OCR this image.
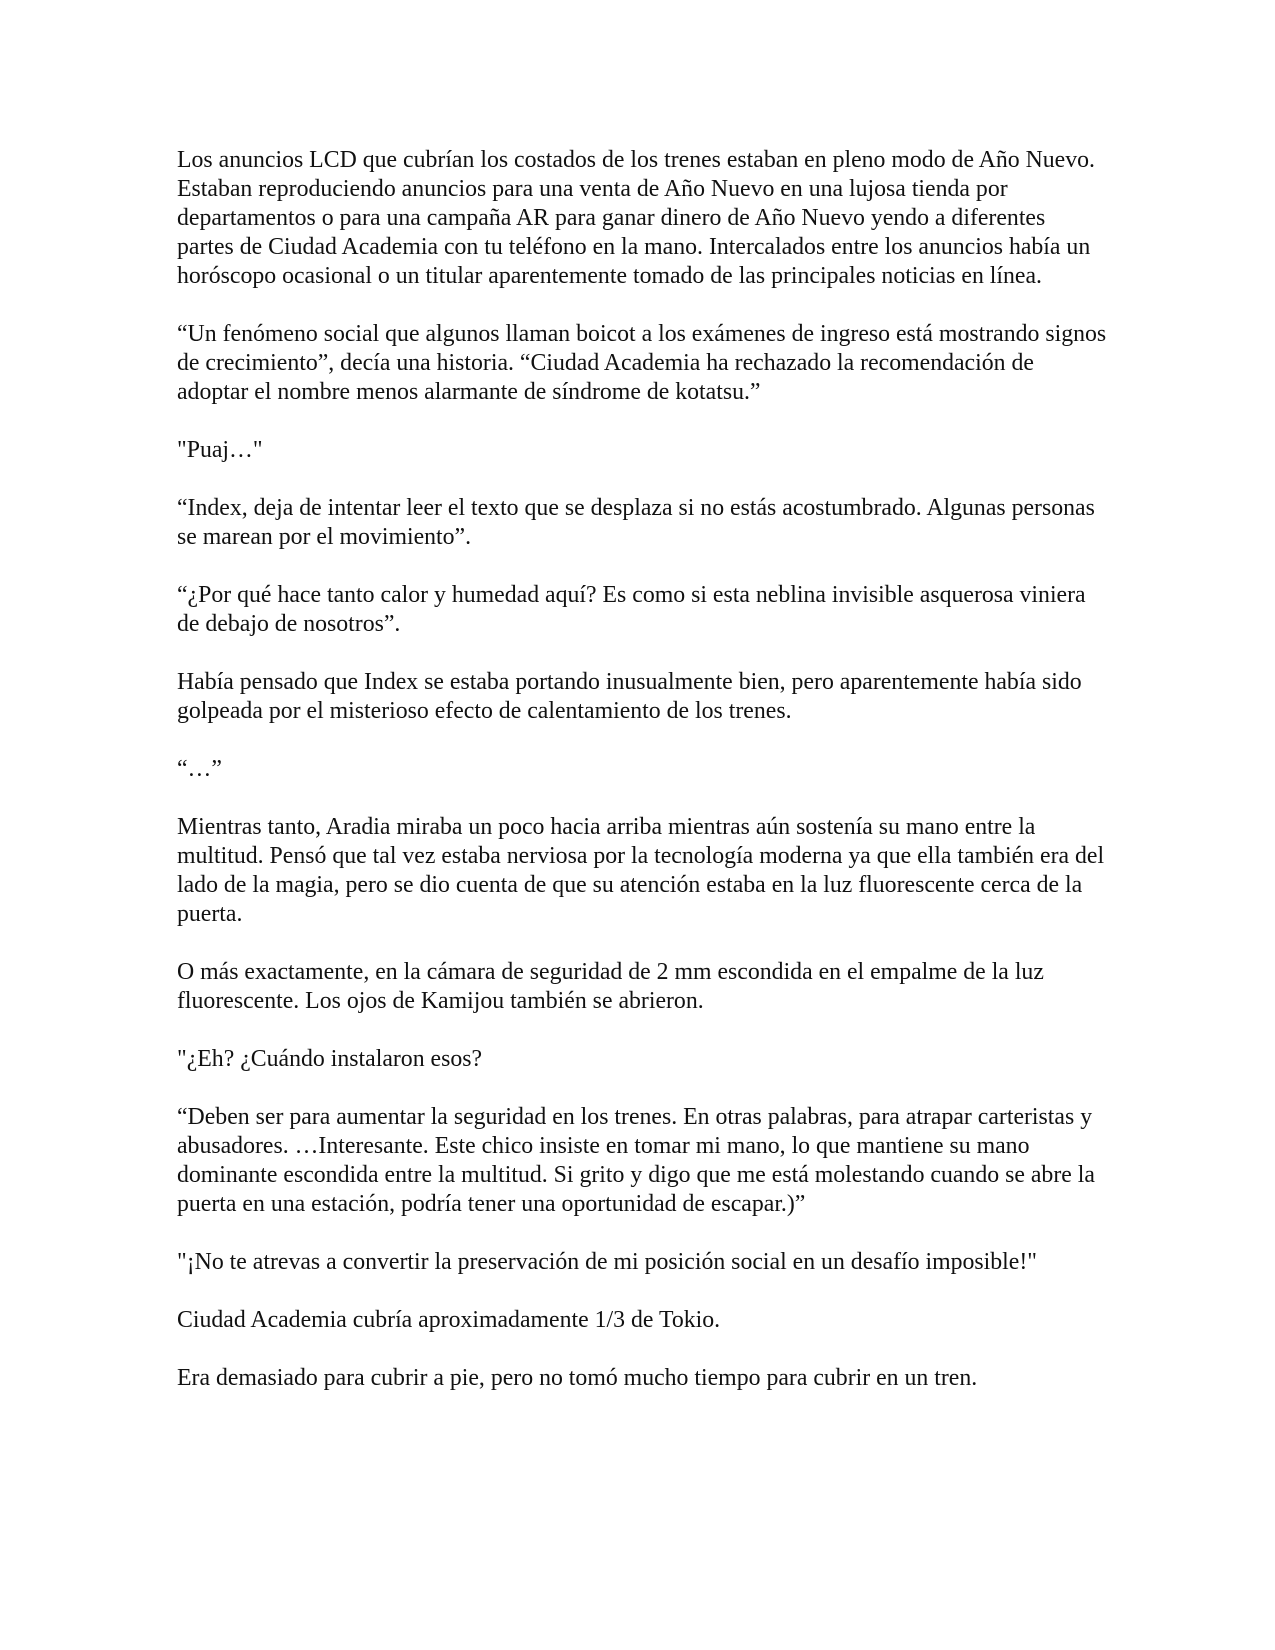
Los anuncios LCD que cubrían los costados de los trenes estaban en pleno modo de Año Nuevo. Estaban reproduciendo anuncios para una venta de Año Nuevo en una lujosa tienda por departamentos o para una campaña AR para ganar dinero de Año Nuevo yendo a diferentes partes de Ciudad Academia con tu teléfono en la mano. Intercalados entre los anuncios había un horóscopo ocasional o un titular aparentemente tomado de las principales noticias en línea.

“Un fenómeno social que algunos llaman boicot a los exámenes de ingreso está mostrando signos de crecimiento”, decía una historia. “Ciudad Academia ha rechazado la recomendación de adoptar el nombre menos alarmante de síndrome de kotatsu.”

"Puaj…"

“Index, deja de intentar leer el texto que se desplaza si no estás acostumbrado. Algunas personas se marean por el movimiento”.

“¿Por qué hace tanto calor y humedad aquí? Es como si esta neblina invisible asquerosa viniera de debajo de nosotros”.

Había pensado que Index se estaba portando inusualmente bien, pero aparentemente había sido golpeada por el misterioso efecto de calentamiento de los trenes.

“…”

Mientras tanto, Aradia miraba un poco hacia arriba mientras aún sostenía su mano entre la multitud. Pensó que tal vez estaba nerviosa por la tecnología moderna ya que ella también era del lado de la magia, pero se dio cuenta de que su atención estaba en la luz fluorescente cerca de la puerta.

O más exactamente, en la cámara de seguridad de 2 mm escondida en el empalme de la luz fluorescente. Los ojos de Kamijou también se abrieron.

"¿Eh? ¿Cuándo instalaron esos?

“Deben ser para aumentar la seguridad en los trenes. En otras palabras, para atrapar carteristas y abusadores. …Interesante. Este chico insiste en tomar mi mano, lo que mantiene su mano dominante escondida entre la multitud. Si grito y digo que me está molestando cuando se abre la puerta en una estación, podría tener una oportunidad de escapar.)”

"¡No te atrevas a convertir la preservación de mi posición social en un desafío imposible!"

Ciudad Academia cubría aproximadamente 1/3 de Tokio.

Era demasiado para cubrir a pie, pero no tomó mucho tiempo para cubrir en un tren.
